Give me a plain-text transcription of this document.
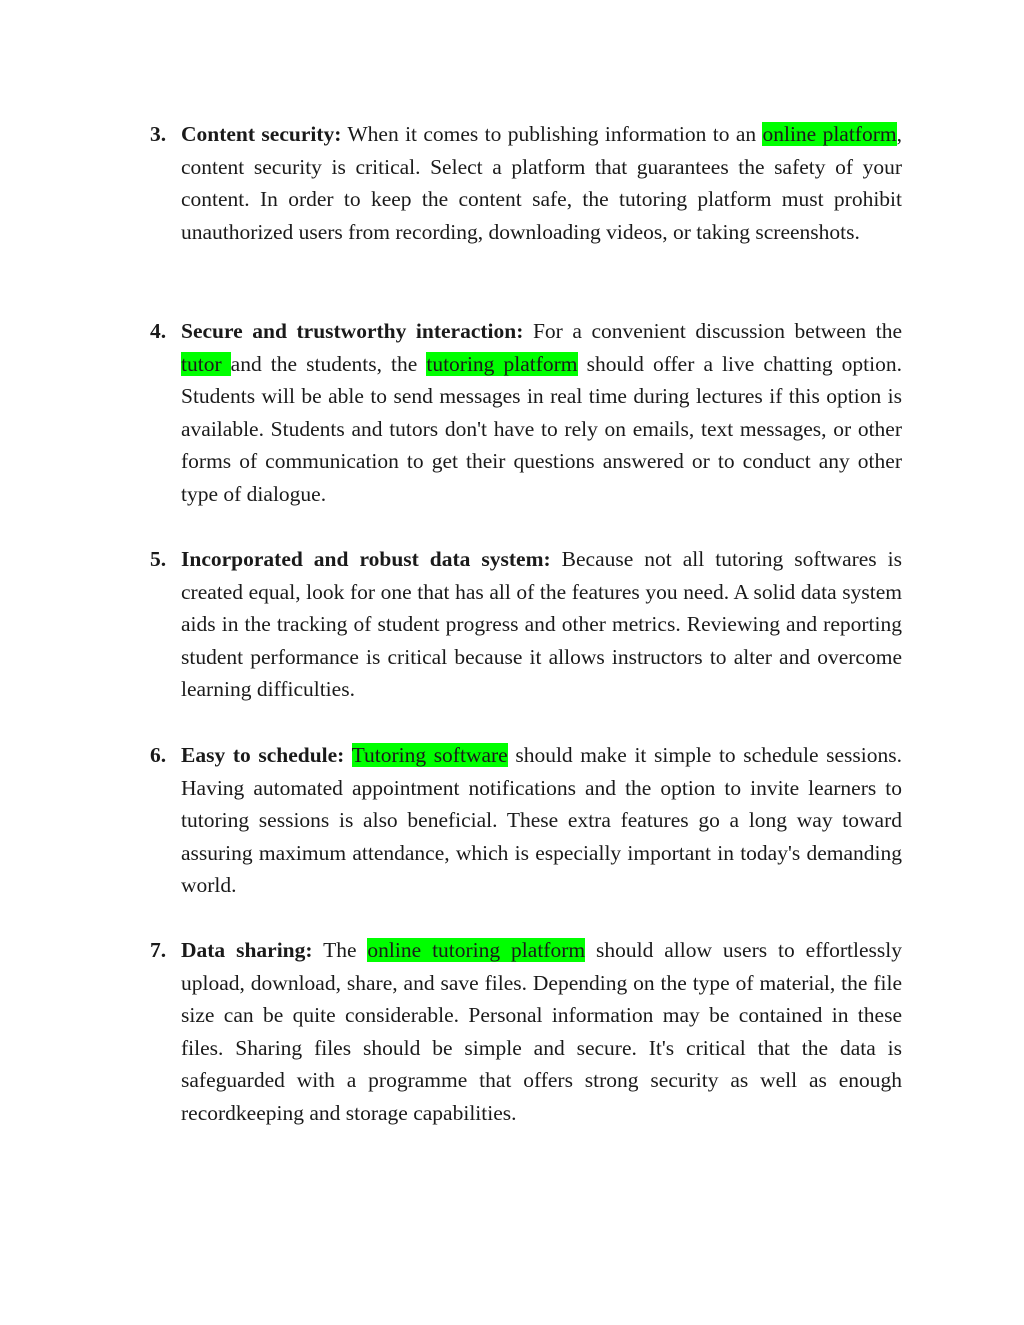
3. Content security: When it comes to publishing information to an online platform, content security is critical. Select a platform that guarantees the safety of your content. In order to keep the content safe, the tutoring platform must prohibit unauthorized users from recording, downloading videos, or taking screenshots.
4. Secure and trustworthy interaction: For a convenient discussion between the tutor and the students, the tutoring platform should offer a live chatting option. Students will be able to send messages in real time during lectures if this option is available. Students and tutors don't have to rely on emails, text messages, or other forms of communication to get their questions answered or to conduct any other type of dialogue.
5. Incorporated and robust data system: Because not all tutoring softwares is created equal, look for one that has all of the features you need. A solid data system aids in the tracking of student progress and other metrics. Reviewing and reporting student performance is critical because it allows instructors to alter and overcome learning difficulties.
6. Easy to schedule: Tutoring software should make it simple to schedule sessions. Having automated appointment notifications and the option to invite learners to tutoring sessions is also beneficial. These extra features go a long way toward assuring maximum attendance, which is especially important in today's demanding world.
7. Data sharing: The online tutoring platform should allow users to effortlessly upload, download, share, and save files. Depending on the type of material, the file size can be quite considerable. Personal information may be contained in these files. Sharing files should be simple and secure. It's critical that the data is safeguarded with a programme that offers strong security as well as enough recordkeeping and storage capabilities.
